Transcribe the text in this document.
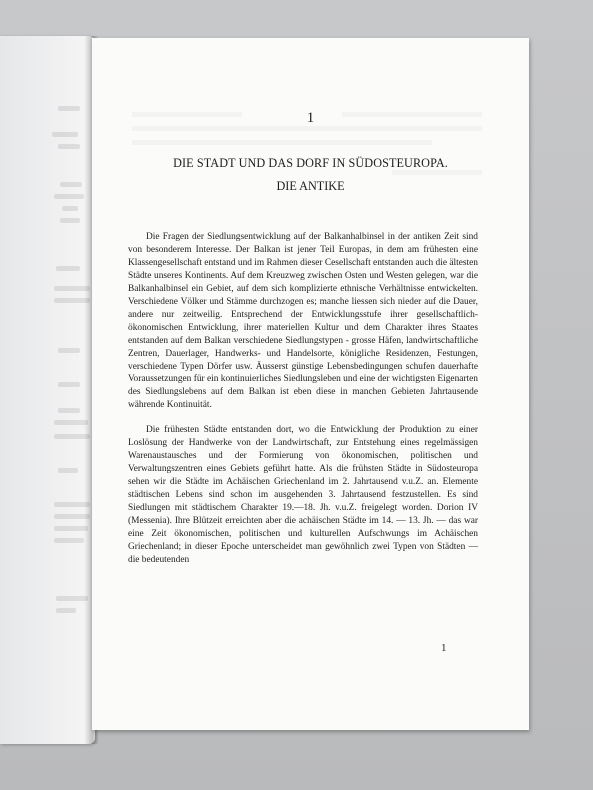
1
DIE STADT UND DAS DORF IN SÜDOSTEUROPA.
DIE ANTIKE

Die Fragen der Siedlungsentwicklung auf der Balkanhalbinsel in der antiken Zeit sind von besonderem Interesse. Der Balkan ist jener Teil Europas, in dem am frühesten eine Klassengesellschaft entstand und im Rahmen dieser Cesellschaft entstanden auch die ältesten Städte unseres Kontinents. Auf dem Kreuzweg zwischen Osten und Westen gelegen, war die Balkanhalbinsel ein Gebiet, auf dem sich komplizierte ethnische Verhältnisse entwickelten. Verschiedene Völker und Stämme durchzogen es; manche liessen sich nieder auf die Dauer, andere nur zeitweilig. Entsprechend der Entwicklungsstufe ihrer gesellschaftlich-ökonomischen Entwicklung, ihrer materiellen Kultur und dem Charakter ihres Staates entstanden auf dem Balkan verschiedene Siedlungstypen - grosse Häfen, landwirtschaftliche Zentren, Dauerlager, Handwerks- und Handelsorte, königliche Residenzen, Festungen, verschiedene Typen Dörfer usw. Äusserst günstige Lebensbedingungen schufen dauerhafte Voraussetzungen für ein kontinuierliches Siedlungsleben und eine der wichtigsten Eigenarten des Siedlungslebens auf dem Balkan ist eben diese in manchen Gebieten Jahrtausende währende Kontinuität.

Die frühesten Städte entstanden dort, wo die Entwicklung der Produktion zu einer Loslösung der Handwerke von der Landwirtschaft, zur Entstehung eines regelmässigen Warenaustausches und der Formierung von ökonomischen, politischen und Verwaltungszentren eines Gebiets geführt hatte. Als die frühsten Städte in Südosteuropa sehen wir die Städte im Achäischen Griechenland im 2. Jahrtausend v.u.Z. an. Elemente städtischen Lebens sind schon im ausgehenden 3. Jahrtausend festzustellen. Es sind Siedlungen mit städtischem Charakter 19.—18. Jh. v.u.Z. freigelegt worden. Dorion IV (Messenia). Ihre Blützeit erreichten aber die achäischen Städte im 14. — 13. Jh. — das war eine Zeit ökonomischen, politischen und kulturellen Aufschwungs im Achäischen Griechenland; in dieser Epoche unterscheidet man gewöhnlich zwei Typen von Städten — die bedeutenden

1
